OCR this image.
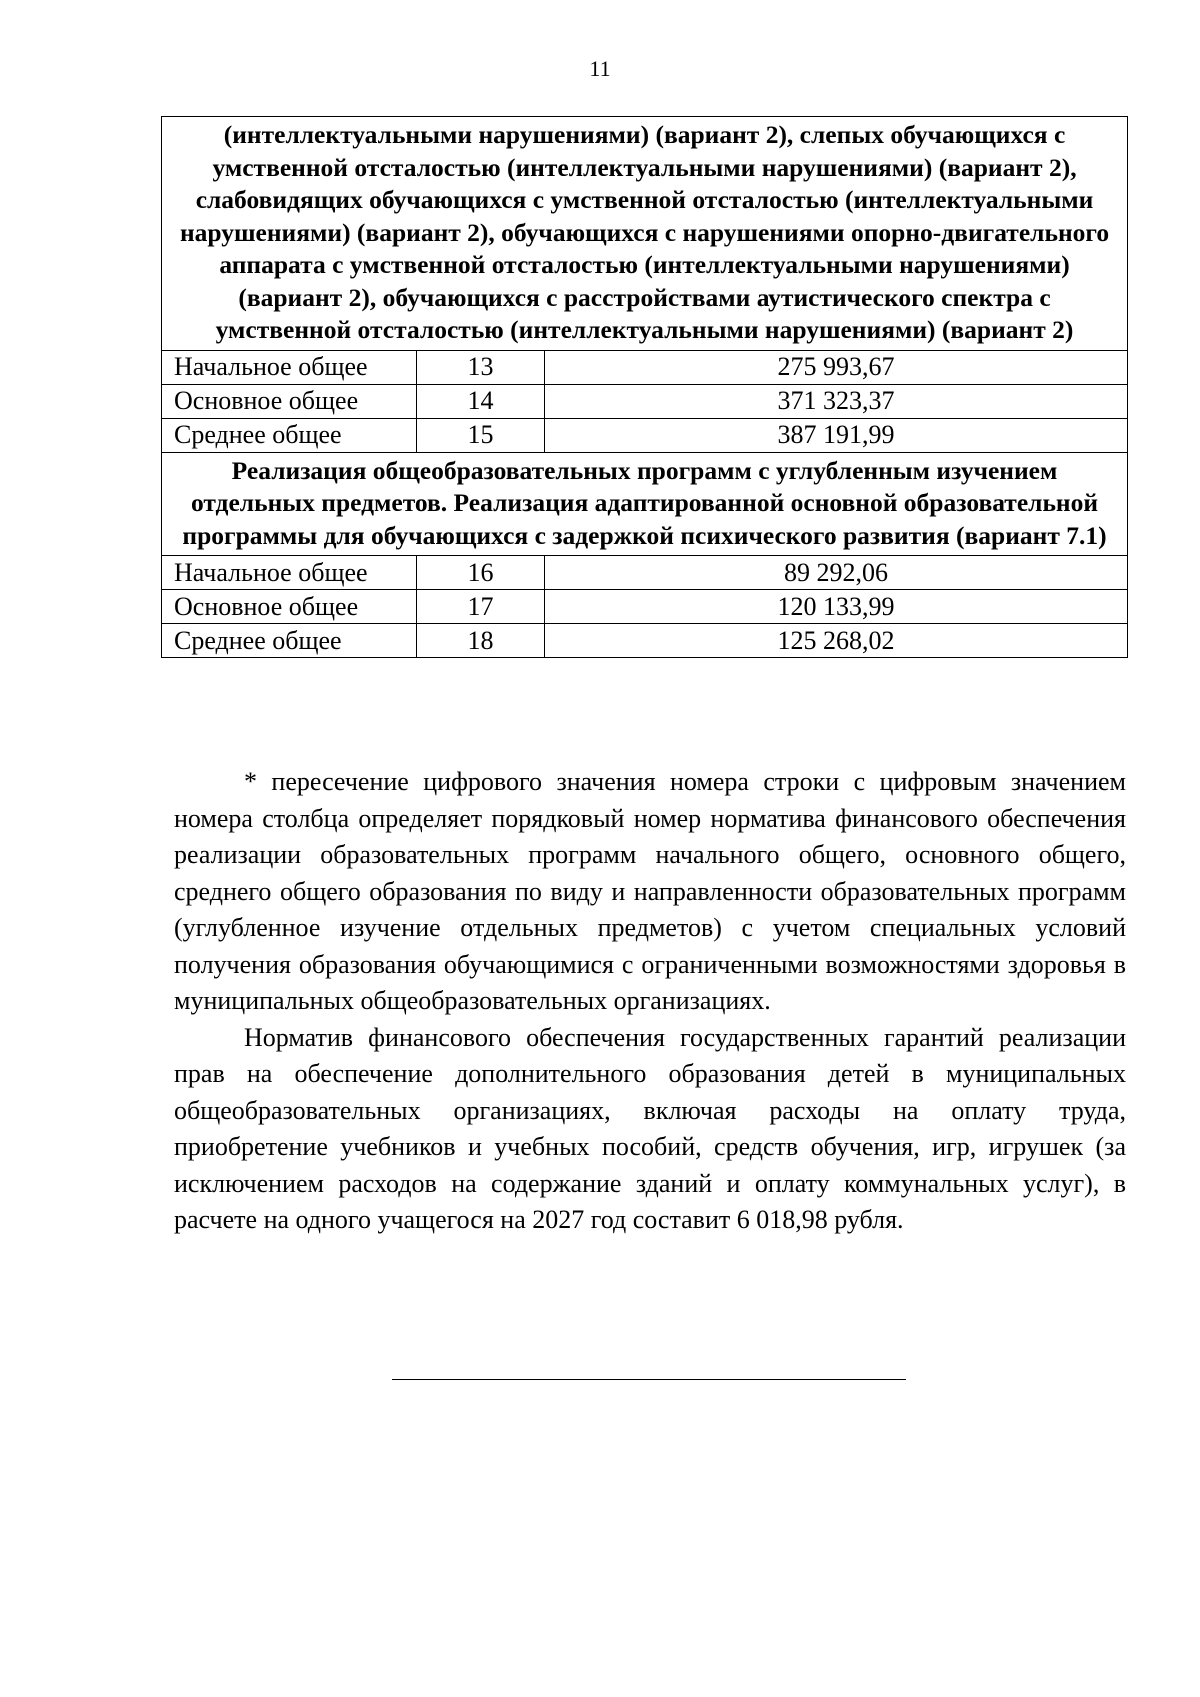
11
(интеллектуальными нарушениями) (вариант 2), слепых обучающихся с умственной отсталостью (интеллектуальными нарушениями) (вариант 2), слабовидящих обучающихся с умственной отсталостью (интеллектуальными нарушениями) (вариант 2), обучающихся с нарушениями опорно-двигательного аппарата с умственной отсталостью (интеллектуальными нарушениями) (вариант 2), обучающихся с расстройствами аутистического спектра с умственной отсталостью (интеллектуальными нарушениями) (вариант 2)		
Начальное общее	13	275 993,67
Основное общее	14	371 323,37
Среднее общее	15	387 191,99
Реализация общеобразовательных программ с углубленным изучением отдельных предметов. Реализация адаптированной основной образовательной программы для обучающихся с задержкой психического развития (вариант 7.1)		
Начальное общее	16	89 292,06
Основное общее	17	120 133,99
Среднее общее	18	125 268,02

* пересечение цифрового значения номера строки с цифровым значением номера столбца определяет порядковый номер норматива финансового обеспечения реализации образовательных программ начального общего, основного общего, среднего общего образования по виду и направленности образовательных программ (углубленное изучение отдельных предметов) с учетом специальных условий получения образования обучающимися с ограниченными возможностями здоровья в муниципальных общеобразовательных организациях.

Норматив финансового обеспечения государственных гарантий реализации прав на обеспечение дополнительного образования детей в муниципальных общеобразовательных организациях, включая расходы на оплату труда, приобретение учебников и учебных пособий, средств обучения, игр, игрушек (за исключением расходов на содержание зданий и оплату коммунальных услуг), в расчете на одного учащегося на 2027 год составит 6 018,98 рубля.
